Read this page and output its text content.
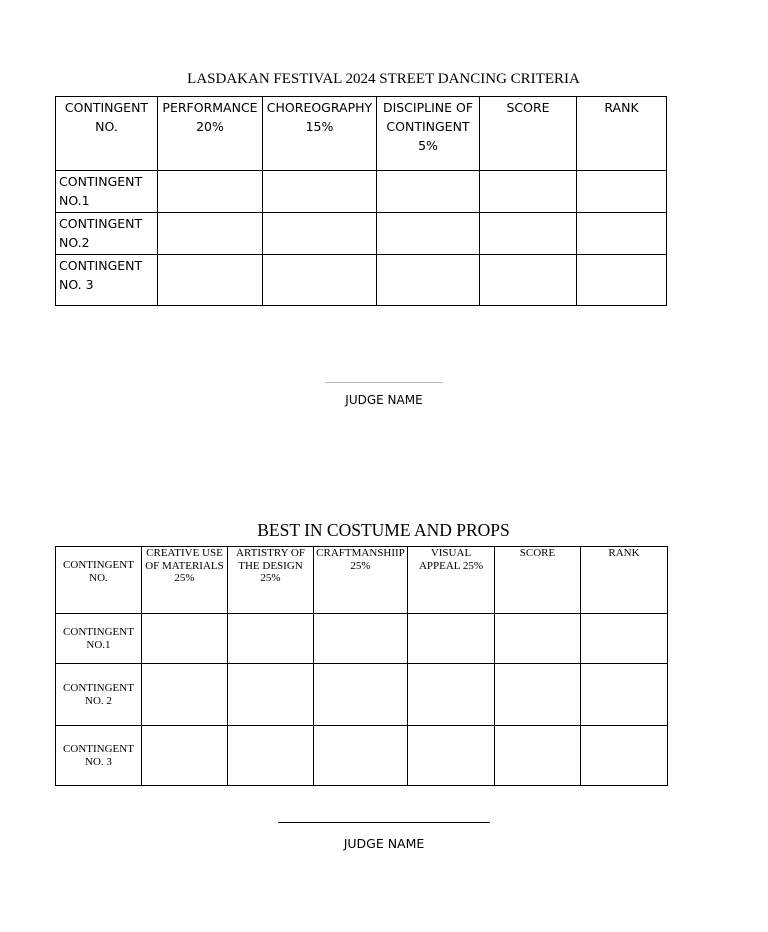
LASDAKAN FESTIVAL 2024 STREET DANCING CRITERIA
CONTINGENT NO.	PERFORMANCE 20%	CHOREOGRAPHY 15%	DISCIPLINE OF CONTINGENT 5%	SCORE	RANK
CONTINGENT NO.1					
CONTINGENT NO.2					
CONTINGENT NO. 3					
JUDGE NAME
BEST IN COSTUME AND PROPS
CONTINGENT NO.	CREATIVE USE OF MATERIALS 25%	ARTISTRY OF THE DESIGN 25%	CRAFTMANSHIIP 25%	VISUAL APPEAL 25%	SCORE	RANK
CONTINGENT NO.1						
CONTINGENT NO. 2						
CONTINGENT NO. 3						
JUDGE NAME
